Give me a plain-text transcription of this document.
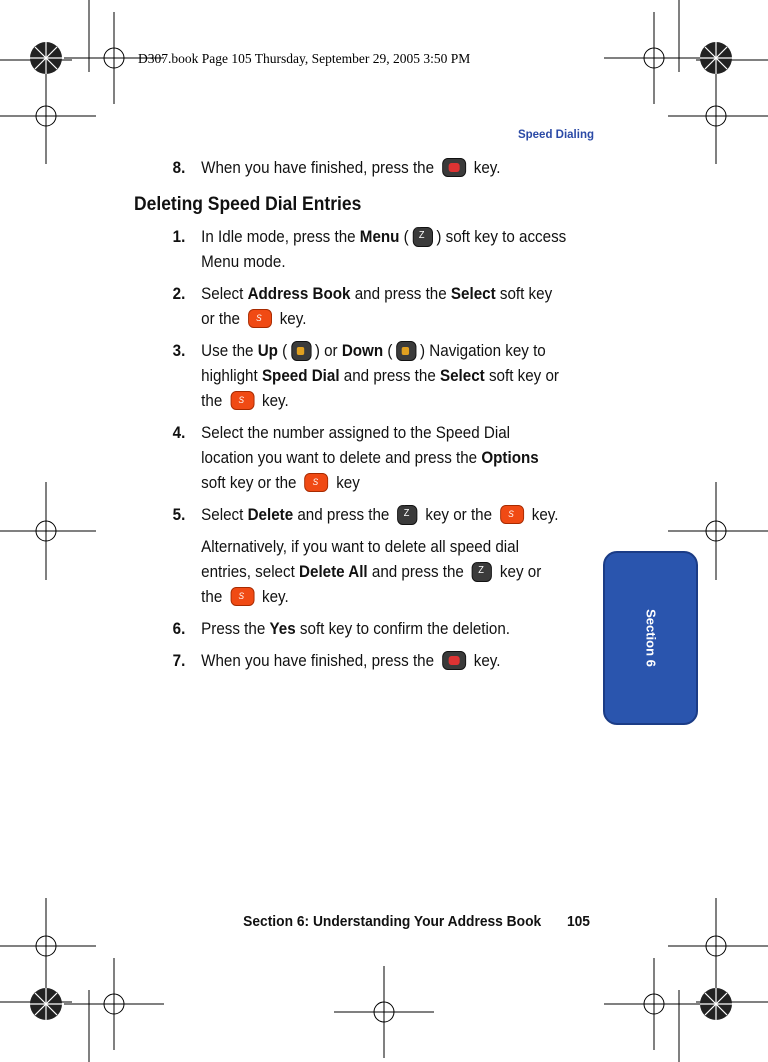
D307.book Page 105 Thursday, September 29, 2005 3:50 PM
Speed Dialing
8. When you have finished, press the  key.
Deleting Speed Dial Entries
1. In Idle mode, press the Menu (••• Z ) soft key to access Menu mode.
2. Select Address Book and press the Select soft key or the S key.
3. Use the Up ( ) or Down ( ) Navigation key to highlight Speed Dial and press the Select soft key or the S key.
4. Select the number assigned to the Speed Dial location you want to delete and press the Options soft key or the S key
5. Select Delete and press the ••• Z key or the S key.
Alternatively, if you want to delete all speed dial entries, select Delete All and press the ••• Z key or the S key.
6. Press the Yes soft key to confirm the deletion.
7. When you have finished, press the  key.	Section 6
Section 6: Understanding Your Address Book 105
